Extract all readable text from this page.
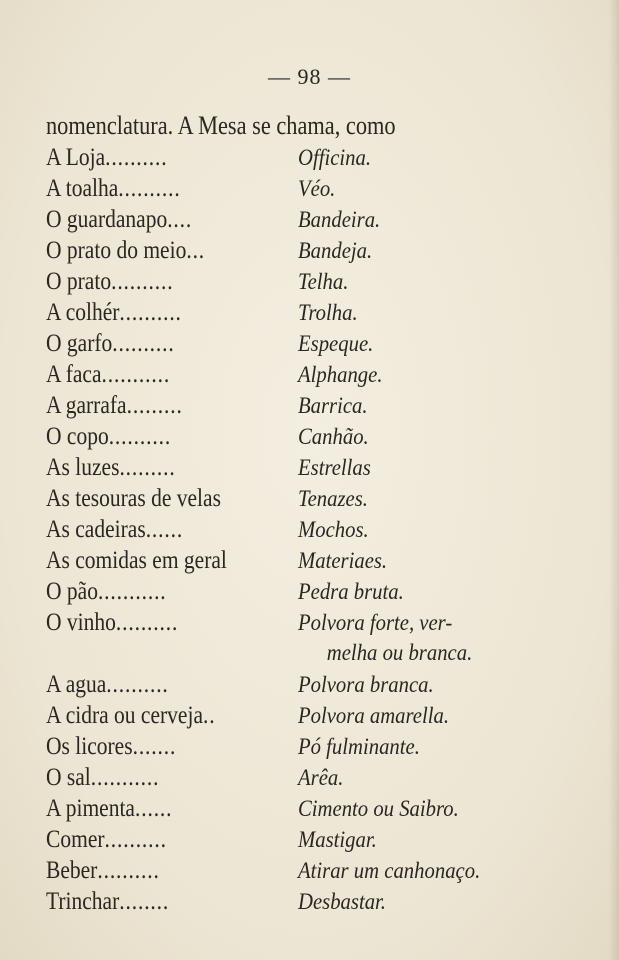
— 98 —
nomenclatura. A Mesa se chama, como
A Loja..........	Officina.
A toalha..........	Véo.
O guardanapo....	Bandeira.
O prato do meio...	Bandeja.
O prato..........	Telha.
A colhér..........	Trolha.
O garfo..........	Espeque.
A faca...........	Alphange.
A garrafa.........	Barrica.
O copo..........	Canhão.
As luzes.........	Estrellas
As tesouras de velas	Tenazes.
As cadeiras......	Mochos.
As comidas em geral	Materiaes.
O pão...........	Pedra bruta.
O vinho..........	Polvora forte, ver-
melha ou branca.
A agua..........	Polvora branca.
A cidra ou cerveja..	Polvora amarella.
Os licores.......	Pó fulminante.
O sal...........	Arêa.
A pimenta......	Cimento ou Saibro.
Comer..........	Mastigar.
Beber..........	Atirar um canhonaço.
Trinchar........	Desbastar.
